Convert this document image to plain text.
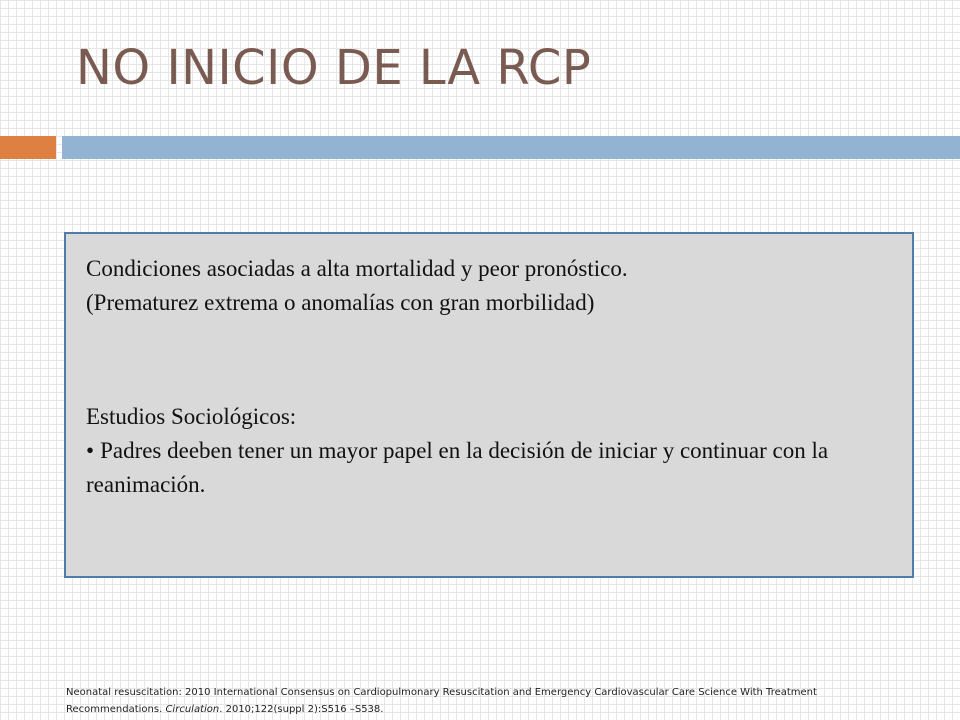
NO INICIO DE LA RCP

Condiciones asociadas a alta mortalidad y peor pronóstico.
(Prematurez extrema o anomalías con gran morbilidad)

Estudios Sociológicos:

• Padres deeben tener un mayor papel en la decisión de iniciar y continuar con la reanimación.

Neonatal resuscitation: 2010 International Consensus on Cardiopulmonary Resuscitation and Emergency Cardiovascular Care Science With Treatment Recommendations. Circulation. 2010;122(suppl 2):S516 –S538.
